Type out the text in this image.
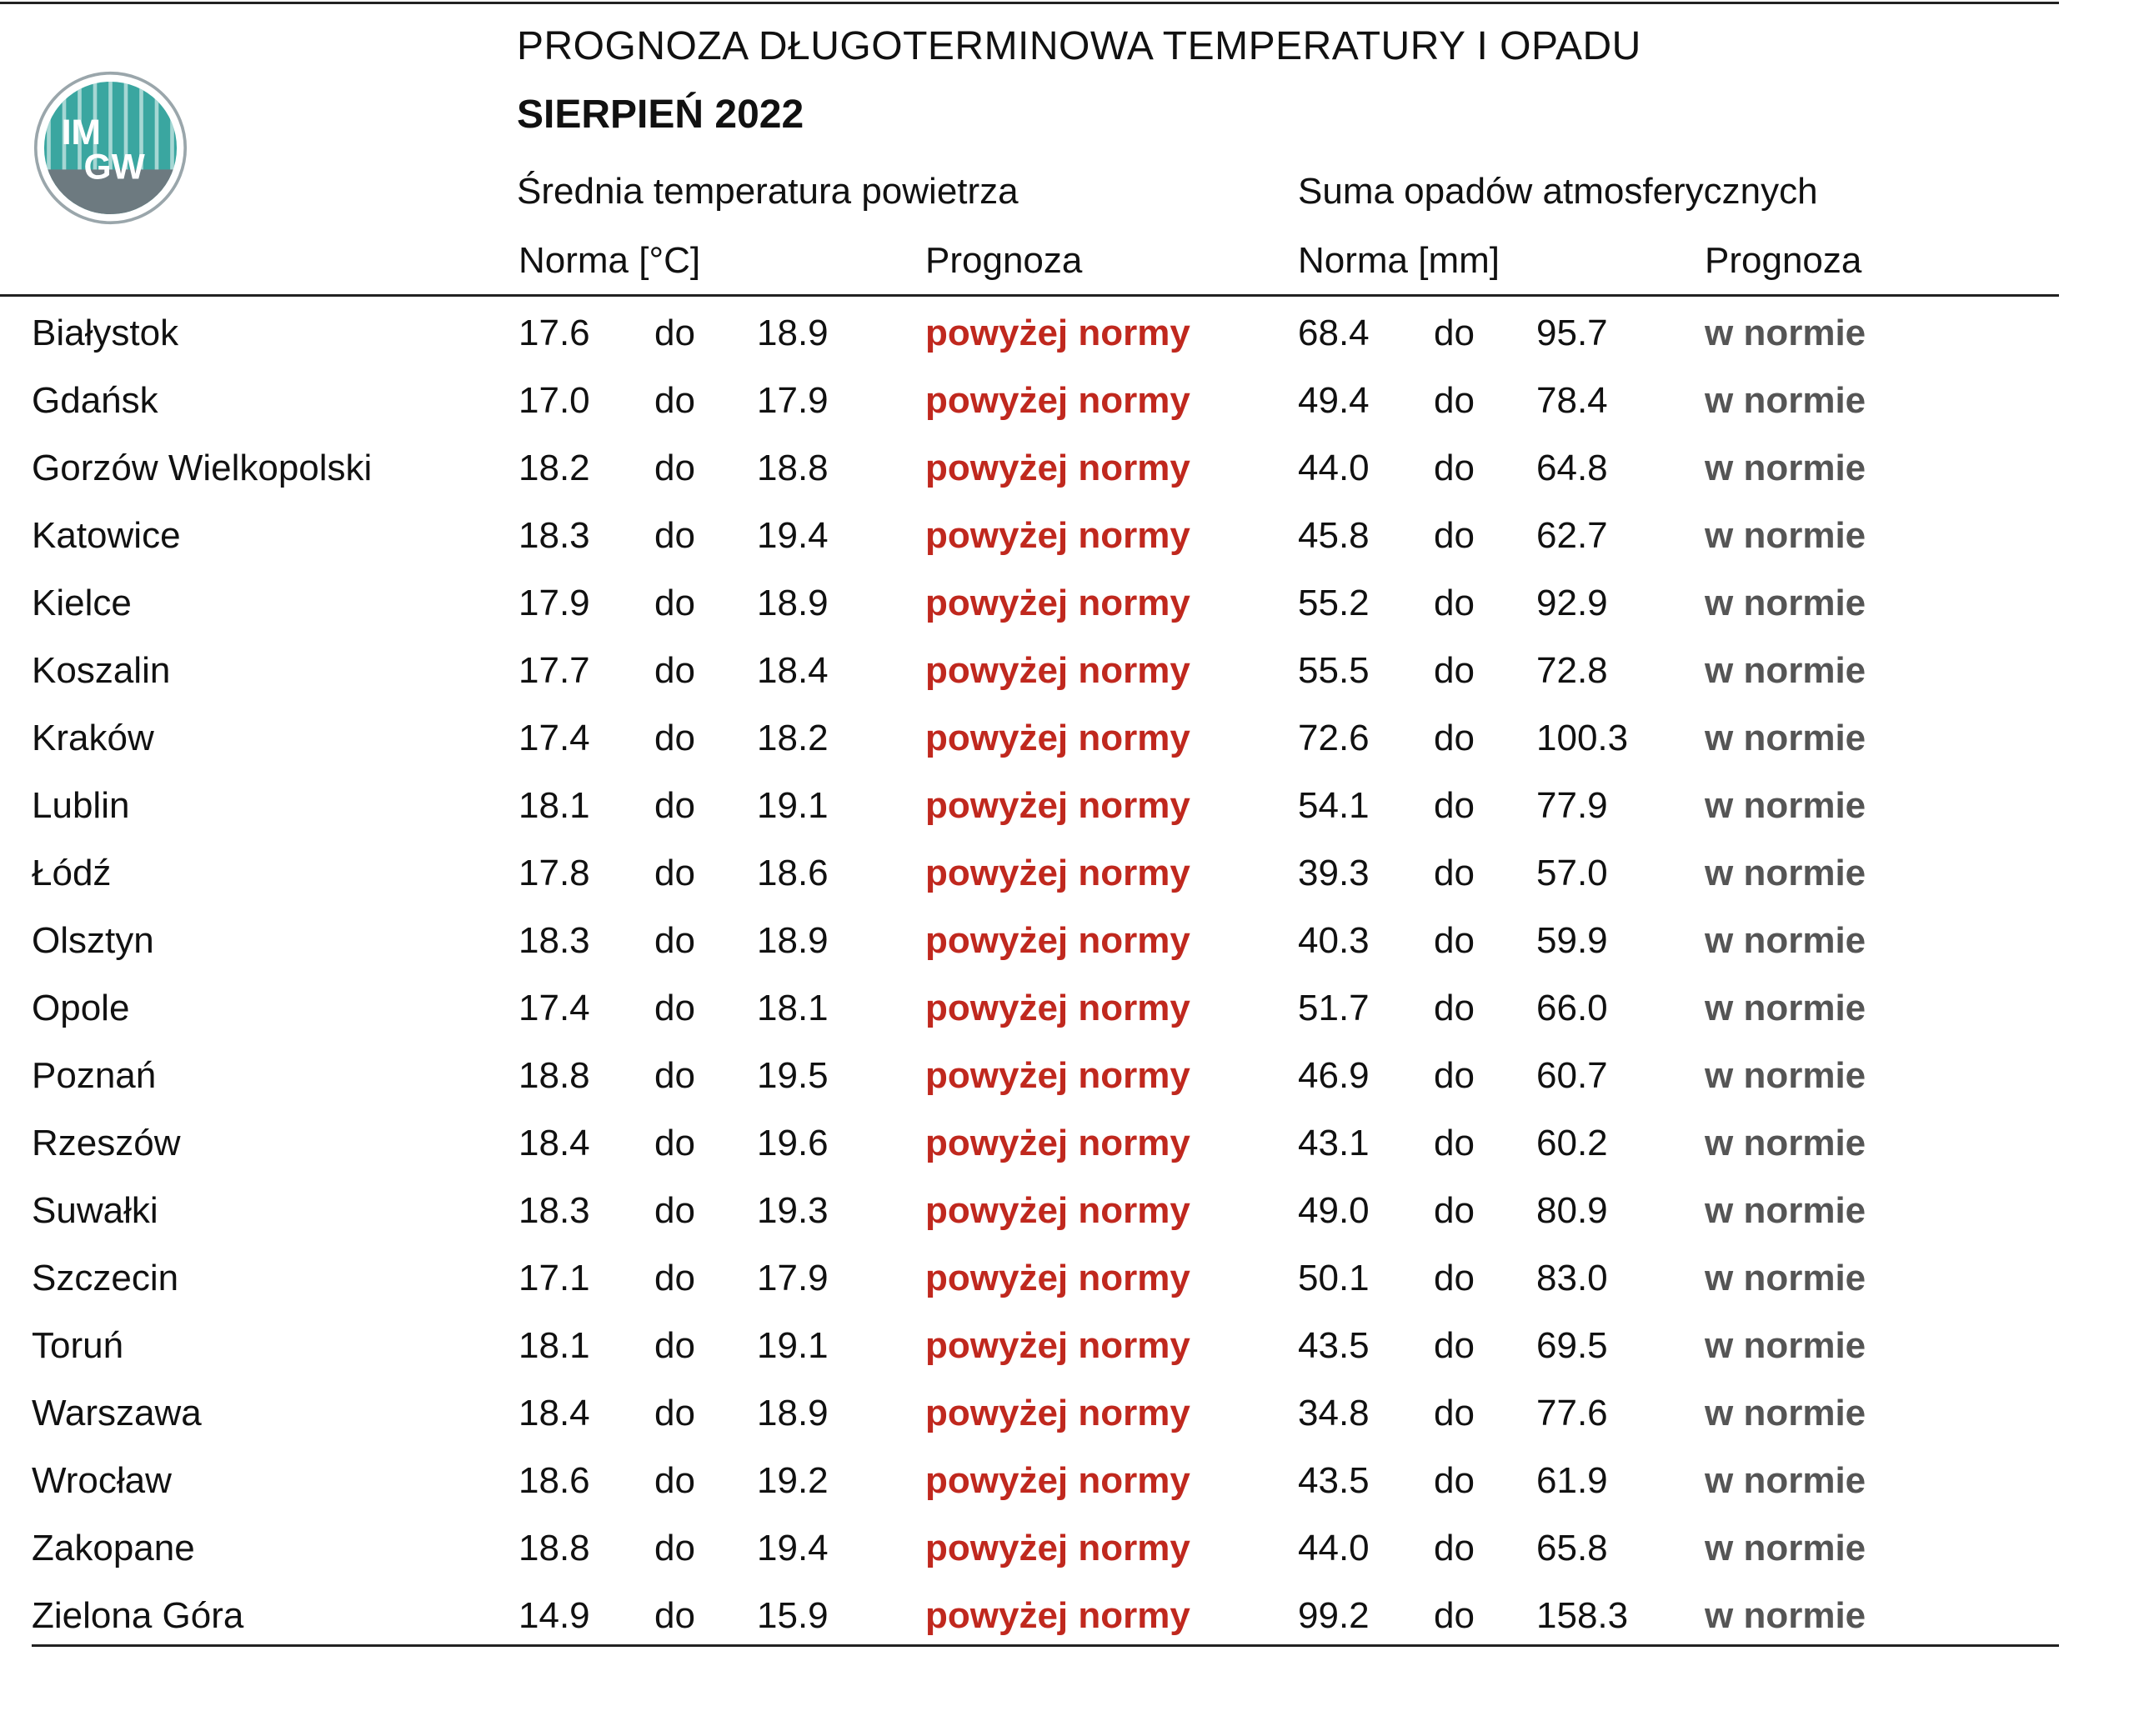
IM
GW
PROGNOZA DŁUGOTERMINOWA TEMPERATURY I OPADU
SIERPIEŃ 2022
Średnia temperatura powietrza	Suma opadów atmosferycznych
Norma [°C]	Prognoza	Norma [mm]	Prognoza
Białystok	17.6 do 18.9	powyżej normy	68.4 do 95.7	w normie
Gdańsk	17.0 do 17.9	powyżej normy	49.4 do 78.4	w normie
Gorzów Wielkopolski	18.2 do 18.8	powyżej normy	44.0 do 64.8	w normie
Katowice	18.3 do 19.4	powyżej normy	45.8 do 62.7	w normie
Kielce	17.9 do 18.9	powyżej normy	55.2 do 92.9	w normie
Koszalin	17.7 do 18.4	powyżej normy	55.5 do 72.8	w normie
Kraków	17.4 do 18.2	powyżej normy	72.6 do 100.3 w normie
Lublin	18.1 do 19.1	powyżej normy	54.1 do 77.9	w normie
Łódź	17.8 do 18.6	powyżej normy	39.3 do 57.0	w normie
Olsztyn	18.3 do 18.9	powyżej normy	40.3 do 59.9	w normie
Opole	17.4 do 18.1	powyżej normy	51.7 do 66.0	w normie
Poznań	18.8 do 19.5	powyżej normy	46.9 do 60.7	w normie
Rzeszów	18.4 do 19.6	powyżej normy	43.1 do 60.2	w normie
Suwałki	18.3 do 19.3	powyżej normy	49.0 do 80.9	w normie
Szczecin	17.1 do 17.9	powyżej normy	50.1 do 83.0	w normie
Toruń	18.1 do 19.1	powyżej normy	43.5 do 69.5	w normie
Warszawa	18.4 do 18.9	powyżej normy	34.8 do 77.6	w normie
Wrocław	18.6 do 19.2	powyżej normy	43.5 do 61.9	w normie
Zakopane	18.8 do 19.4	powyżej normy	44.0 do 65.8	w normie
Zielona Góra	14.9 do 15.9	powyżej normy	99.2 do 158.3 w normie
